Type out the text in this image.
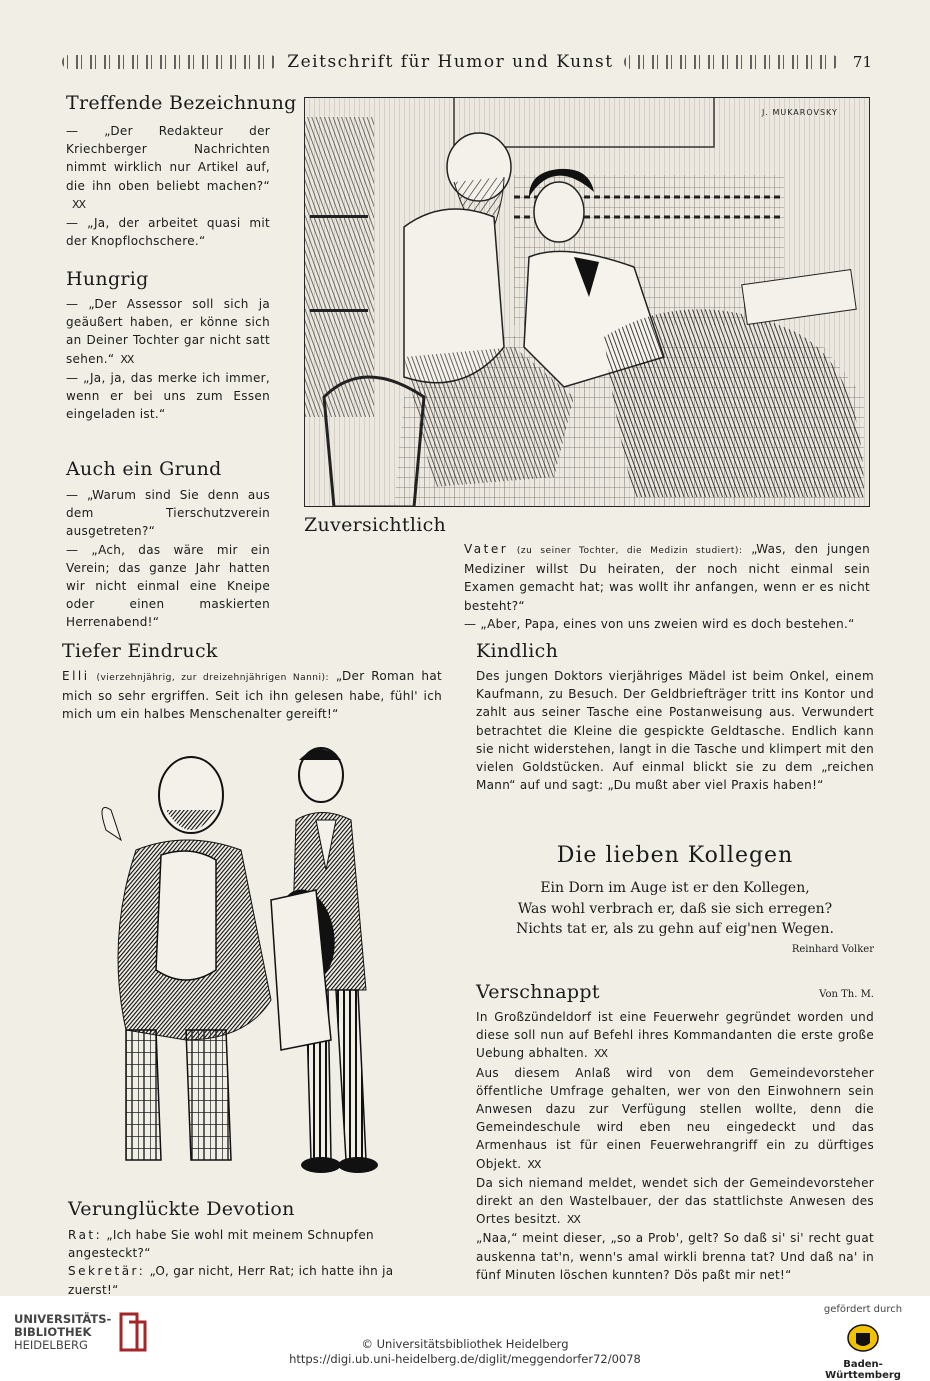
Zeitschrift für Humor und Kunst	71
Treffende Bezeichnung

— „Der Redakteur der Kriechberger Nachrichten nimmt wirklich nur Artikel auf, die ihn oben beliebt machen?“XX

— „Ja, der arbeitet quasi mit der Knopflochschere.“

Hungrig

— „Der Assessor soll sich ja geäußert haben, er könne sich an Deiner Tochter gar nicht satt sehen.“ XX

— „Ja, ja, das merke ich immer, wenn er bei uns zum Essen eingeladen ist.“

Auch ein Grund

— „Warum sind Sie denn aus dem Tierschutzverein ausgetreten?“

— „Ach, das wäre mir ein Verein; das ganze Jahr hatten wir nicht einmal eine Kneipe oder einen maskierten Herrenabend!“

J. MUKAROVSKY
Zuversichtlich

Vater (zu seiner Tochter, die Medizin studiert): „Was, den jungen Mediziner willst Du heiraten, der noch nicht einmal sein Examen gemacht hat; was wollt ihr anfangen, wenn er es nicht besteht?“

— „Aber, Papa, eines von uns zweien wird es doch bestehen.“

Tiefer Eindruck

Elli (vierzehnjährig, zur dreizehnjährigen Nanni): „Der Roman hat mich so sehr ergriffen. Seit ich ihn gelesen habe, fühl' ich mich um ein halbes Menschenalter gereift!“

Kindlich

Des jungen Doktors vierjähriges Mädel ist beim Onkel, einem Kaufmann, zu Besuch. Der Geldbriefträger tritt ins Kontor und zahlt aus seiner Tasche eine Postanweisung aus. Verwundert betrachtet die Kleine die gespickte Geldtasche. Endlich kann sie nicht widerstehen, langt in die Tasche und klimpert mit den vielen Goldstücken. Auf einmal blickt sie zu dem „reichen Mann“ auf und sagt: „Du mußt aber viel Praxis haben!“

Die lieben Kollegen
Ein Dorn im Auge ist er den Kollegen,
Was wohl verbrach er, daß sie sich erregen?
Nichts tat er, als zu gehn auf eig'nen Wegen.
Reinhard Volker
Verschnappt	Von Th. M.

In Großzündeldorf ist eine Feuerwehr gegründet worden und diese soll nun auf Befehl ihres Kommandanten die erste große Uebung abhalten. XX

Aus diesem Anlaß wird von dem Gemeindevorsteher öffentliche Umfrage gehalten, wer von den Einwohnern sein Anwesen dazu zur Verfügung stellen wollte, denn die Gemeindeschule wird eben neu eingedeckt und das Armenhaus ist für einen Feuerwehrangriff ein zu dürftiges Objekt. XX

Da sich niemand meldet, wendet sich der Gemeindevorsteher direkt an den Wastelbauer, der das stattlichste Anwesen des Ortes besitzt. XX

„Naa,“ meint dieser, „so a Prob', gelt? So daß si' si' recht guat auskenna tat'n, wenn's amal wirkli brenna tat? Und daß na' in fünf Minuten löschen kunnten? Dös paßt mir net!“

Verunglückte Devotion

Rat: „Ich habe Sie wohl mit meinem Schnupfen angesteckt?“

Sekretär: „O, gar nicht, Herr Rat; ich hatte ihn ja zuerst!“

UNIVERSITÄTS-
BIBLIOTHEK
HEIDELBERG	© Universitätsbibliothek Heidelberg
https://digi.ub.uni-heidelberg.de/diglit/meggendorfer72/0078
gefördert durch
Baden-Württemberg
